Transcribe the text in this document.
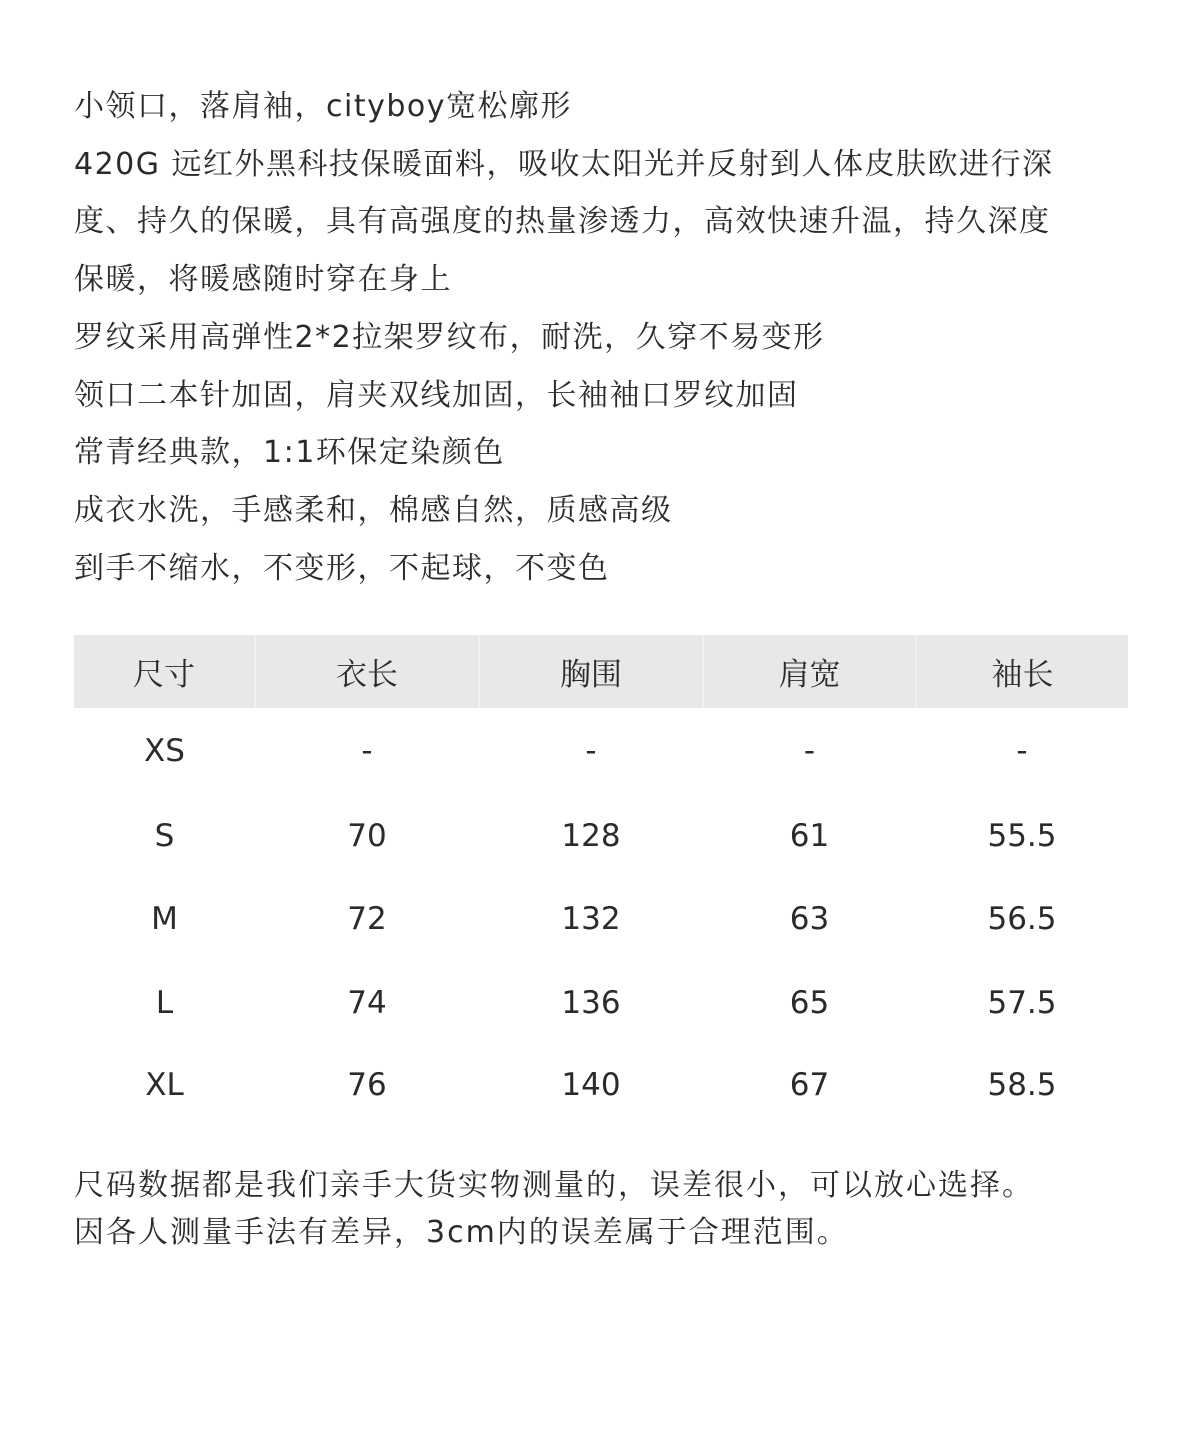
小领口，落肩袖，cityboy宽松廓形
420G 远红外黑科技保暖面料，吸收太阳光并反射到人体皮肤欧进行深
度、持久的保暖，具有高强度的热量渗透力，高效快速升温，持久深度
保暖，将暖感随时穿在身上
罗纹采用高弹性2*2拉架罗纹布，耐洗，久穿不易变形
领口二本针加固，肩夹双线加固，长袖袖口罗纹加固
常青经典款，1:1环保定染颜色
成衣水洗，手感柔和，棉感自然，质感高级
到手不缩水，不变形，不起球，不变色
尺寸	衣长	胸围	肩宽	袖长
XS	-	-	-	-
S	70	128	61	55.5
M	72	132	63	56.5
L	74	136	65	57.5
XL	76	140	67	58.5
尺码数据都是我们亲手大货实物测量的，误差很小，可以放心选择。
因各人测量手法有差异，3cm内的误差属于合理范围。
